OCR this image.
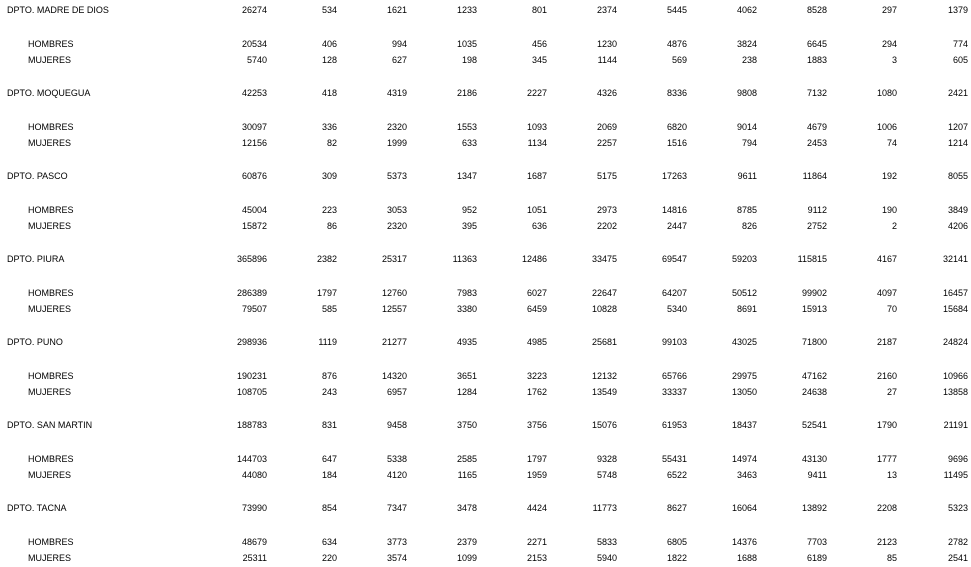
DPTO. MADRE DE DIOS	26274	534	1621	1233	801	2374	5445	4062	8528	297	1379
HOMBRES	20534	406	994	1035	456	1230	4876	3824	6645	294	774
MUJERES	5740	128	627	198	345	1144	569	238	1883	3	605
DPTO. MOQUEGUA	42253	418	4319	2186	2227	4326	8336	9808	7132	1080	2421
HOMBRES	30097	336	2320	1553	1093	2069	6820	9014	4679	1006	1207
MUJERES	12156	82	1999	633	1134	2257	1516	794	2453	74	1214
DPTO. PASCO	60876	309	5373	1347	1687	5175	17263	9611	11864	192	8055
HOMBRES	45004	223	3053	952	1051	2973	14816	8785	9112	190	3849
MUJERES	15872	86	2320	395	636	2202	2447	826	2752	2	4206
DPTO. PIURA	365896	2382	25317	11363	12486	33475	69547	59203	115815	4167	32141
HOMBRES	286389	1797	12760	7983	6027	22647	64207	50512	99902	4097	16457
MUJERES	79507	585	12557	3380	6459	10828	5340	8691	15913	70	15684
DPTO. PUNO	298936	1119	21277	4935	4985	25681	99103	43025	71800	2187	24824
HOMBRES	190231	876	14320	3651	3223	12132	65766	29975	47162	2160	10966
MUJERES	108705	243	6957	1284	1762	13549	33337	13050	24638	27	13858
DPTO. SAN MARTIN	188783	831	9458	3750	3756	15076	61953	18437	52541	1790	21191
HOMBRES	144703	647	5338	2585	1797	9328	55431	14974	43130	1777	9696
MUJERES	44080	184	4120	1165	1959	5748	6522	3463	9411	13	11495
DPTO. TACNA	73990	854	7347	3478	4424	11773	8627	16064	13892	2208	5323
HOMBRES	48679	634	3773	2379	2271	5833	6805	14376	7703	2123	2782
MUJERES	25311	220	3574	1099	2153	5940	1822	1688	6189	85	2541
